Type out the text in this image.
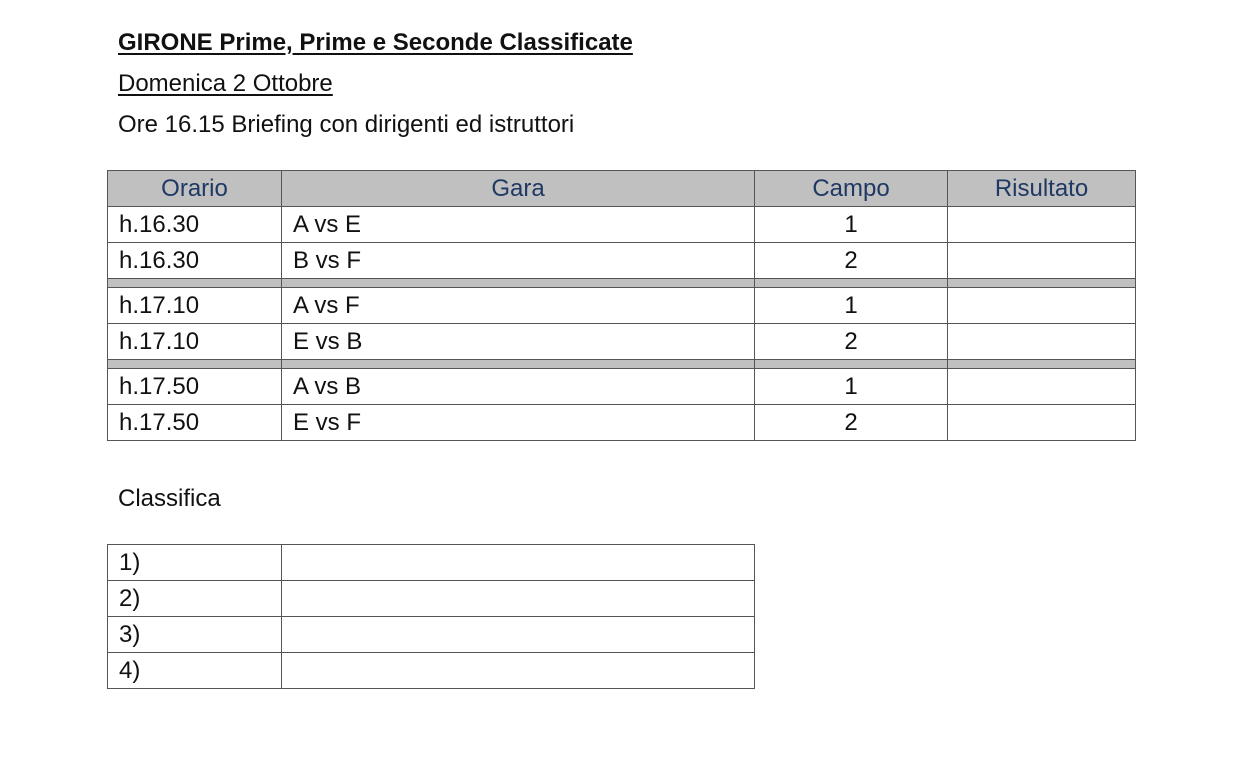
GIRONE Prime, Prime e Seconde Classificate
Domenica 2 Ottobre
Ore 16.15 Briefing con dirigenti ed istruttori
Orario	Gara	Campo	Risultato
h.16.30	A vs E	1	
h.16.30	B vs F	2	

h.17.10	A vs F	1	
h.17.10	E vs B	2	

h.17.50	A vs B	1	
h.17.50	E vs F	2	
Classifica
1)	
2)	
3)	
4)	
